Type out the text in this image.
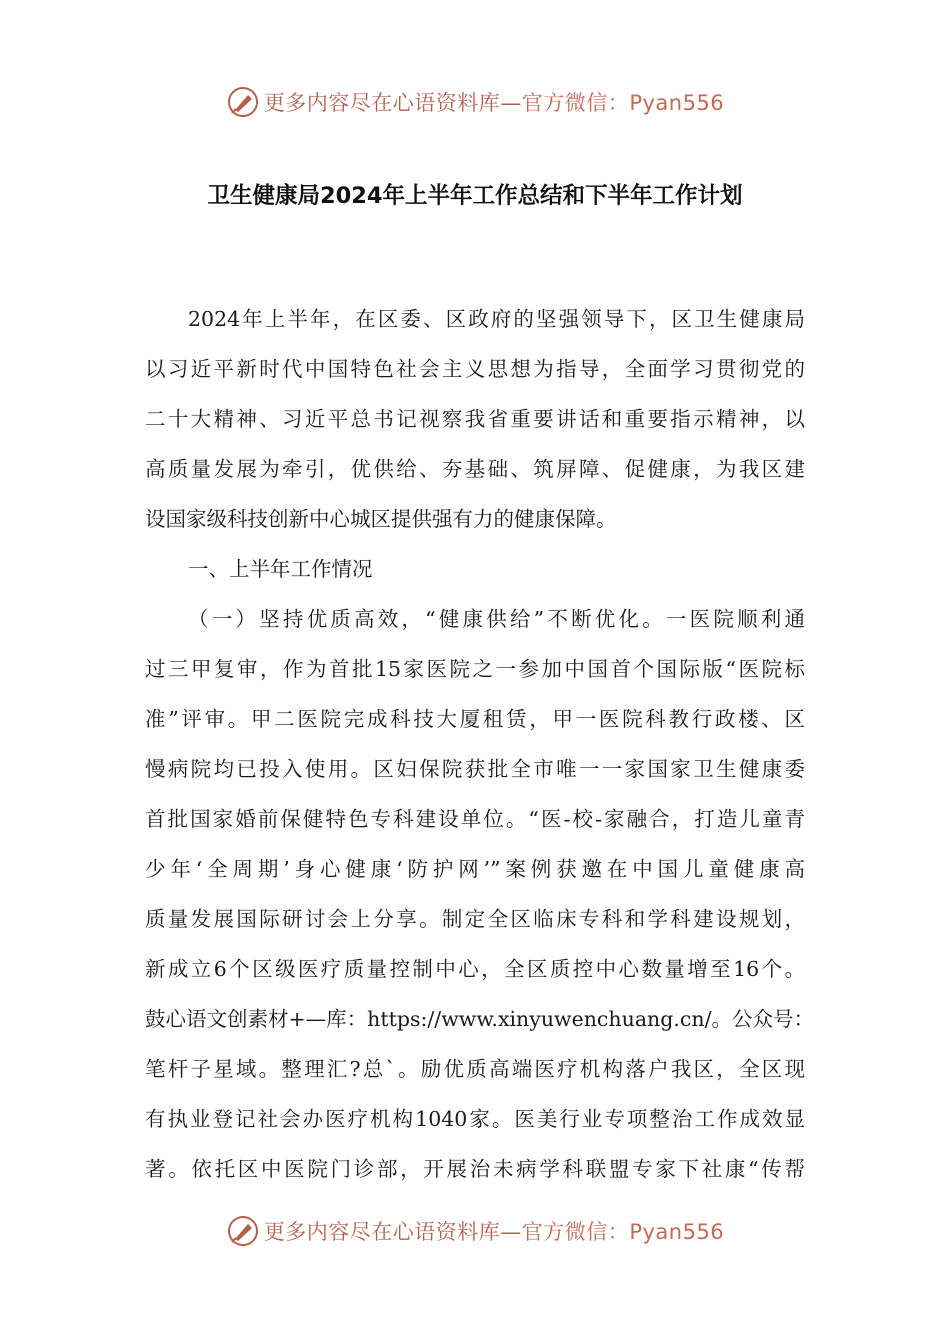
更多内容尽在心语资料库—官方微信：Pyan556
卫生健康局2024年上半年工作总结和下半年工作计划
2024年上半年，在区委、区政府的坚强领导下，区卫生健康局
以习近平新时代中国特色社会主义思想为指导，全面学习贯彻党的
二十大精神、习近平总书记视察我省重要讲话和重要指示精神，以
高质量发展为牵引，优供给、夯基础、筑屏障、促健康，为我区建
设国家级科技创新中心城区提供强有力的健康保障。
一、上半年工作情况
（一）坚持优质高效，“健康供给”不断优化。一医院顺利通
过三甲复审，作为首批15家医院之一参加中国首个国际版“医院标
准”评审。甲二医院完成科技大厦租赁，甲一医院科教行政楼、区
慢病院均已投入使用。区妇保院获批全市唯一一家国家卫生健康委
首批国家婚前保健特色专科建设单位。“医-校-家融合，打造儿童青
少年‘全周期’身心健康‘防护网’”案例获邀在中国儿童健康高
质量发展国际研讨会上分享。制定全区临床专科和学科建设规划，
新成立6个区级医疗质量控制中心，全区质控中心数量增至16个。
鼓心语文创素材+—库：https://www.xinyuwenchuang.cn/。公众号：
笔杆子星域。整理汇?总`。励优质高端医疗机构落户我区，全区现
有执业登记社会办医疗机构1040家。医美行业专项整治工作成效显
著。依托区中医院门诊部，开展治未病学科联盟专家下社康“传帮
更多内容尽在心语资料库—官方微信：Pyan556
